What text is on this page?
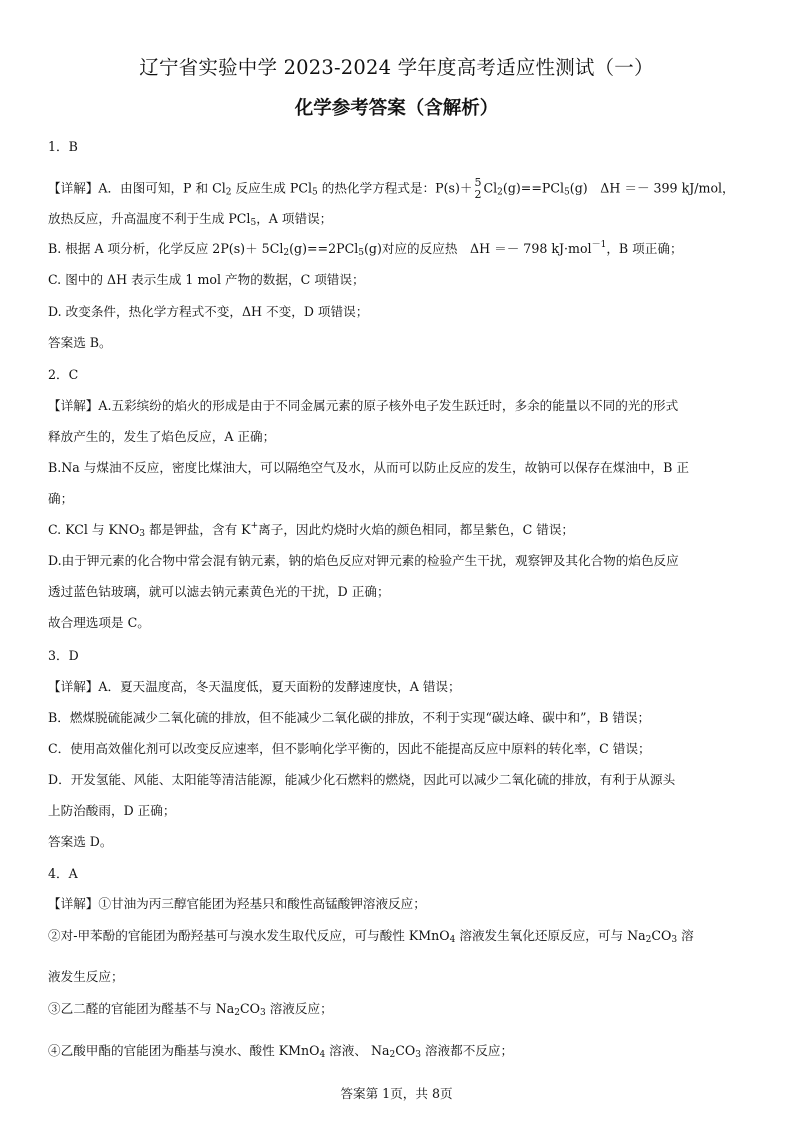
辽宁省实验中学 2023-2024 学年度高考适应性测试（一）
化学参考答案（含解析）
1．B
【详解】A．由图可知，P 和 $Cl_2$ 反应生成 PCl$_5$ 的热化学方程式是：P(s)＋ 5
2 $Cl_2(g)==PCl_5(g)$　ΔH ＝－ 399 kJ/mol，
放热反应，升高温度不利于生成 PCl$_5$，A 项错误；
B. 根据 A 项分析，化学反应 $2P(s)+ 5Cl_2(g)==2PCl_5(g)$对应的反应热　ΔH ＝－ 798 kJ·mol$^{-1}$，B 项正确；
C. 图中的 ΔH 表示生成 1 mol 产物的数据，C 项错误；
D. 改变条件，热化学方程式不变，ΔH 不变，D 项错误；
答案选 B。
2．C
【详解】A.五彩缤纷的焰火的形成是由于不同金属元素的原子核外电子发生跃迁时，多余的能量以不同的光的形式
释放产生的，发生了焰色反应，A 正确；
B.Na 与煤油不反应，密度比煤油大，可以隔绝空气及水，从而可以防止反应的发生，故钠可以保存在煤油中，B 正
确；
C. KCl 与 $KNO_3$ 都是钾盐，含有 K+离子，因此灼烧时火焰的颜色相同，都呈紫色，C 错误；
D.由于钾元素的化合物中常会混有钠元素，钠的焰色反应对钾元素的检验产生干扰，观察钾及其化合物的焰色反应
透过蓝色钴玻璃，就可以滤去钠元素黄色光的干扰，D 正确；
故合理选项是 C。
3．D
【详解】A．夏天温度高，冬天温度低，夏天面粉的发酵速度快，A 错误；
B．燃煤脱硫能减少二氧化硫的排放，但不能减少二氧化碳的排放，不利于实现“碳达峰、碳中和”，B 错误；
C．使用高效催化剂可以改变反应速率，但不影响化学平衡的，因此不能提高反应中原料的转化率，C 错误；
D．开发氢能、风能、太阳能等清洁能源，能减少化石燃料的燃烧，因此可以减少二氧化硫的排放，有利于从源头
上防治酸雨，D 正确；
答案选 D。
4．A
【详解】①甘油为丙三醇官能团为羟基只和酸性高锰酸钾溶液反应；
②对-甲苯酚的官能团为酚羟基可与溴水发生取代反应，可与酸性 KMnO$_4$ 溶液发生氧化还原反应，可与 $Na_2CO_3$ 溶
液发生反应；
③乙二醛的官能团为醛基不与 $Na_2CO_3$ 溶液反应；
④乙酸甲酯的官能团为酯基与溴水、酸性 KMnO$_4$ 溶液、 $Na_2CO_3$ 溶液都不反应；
答案第 1页，共 8页
